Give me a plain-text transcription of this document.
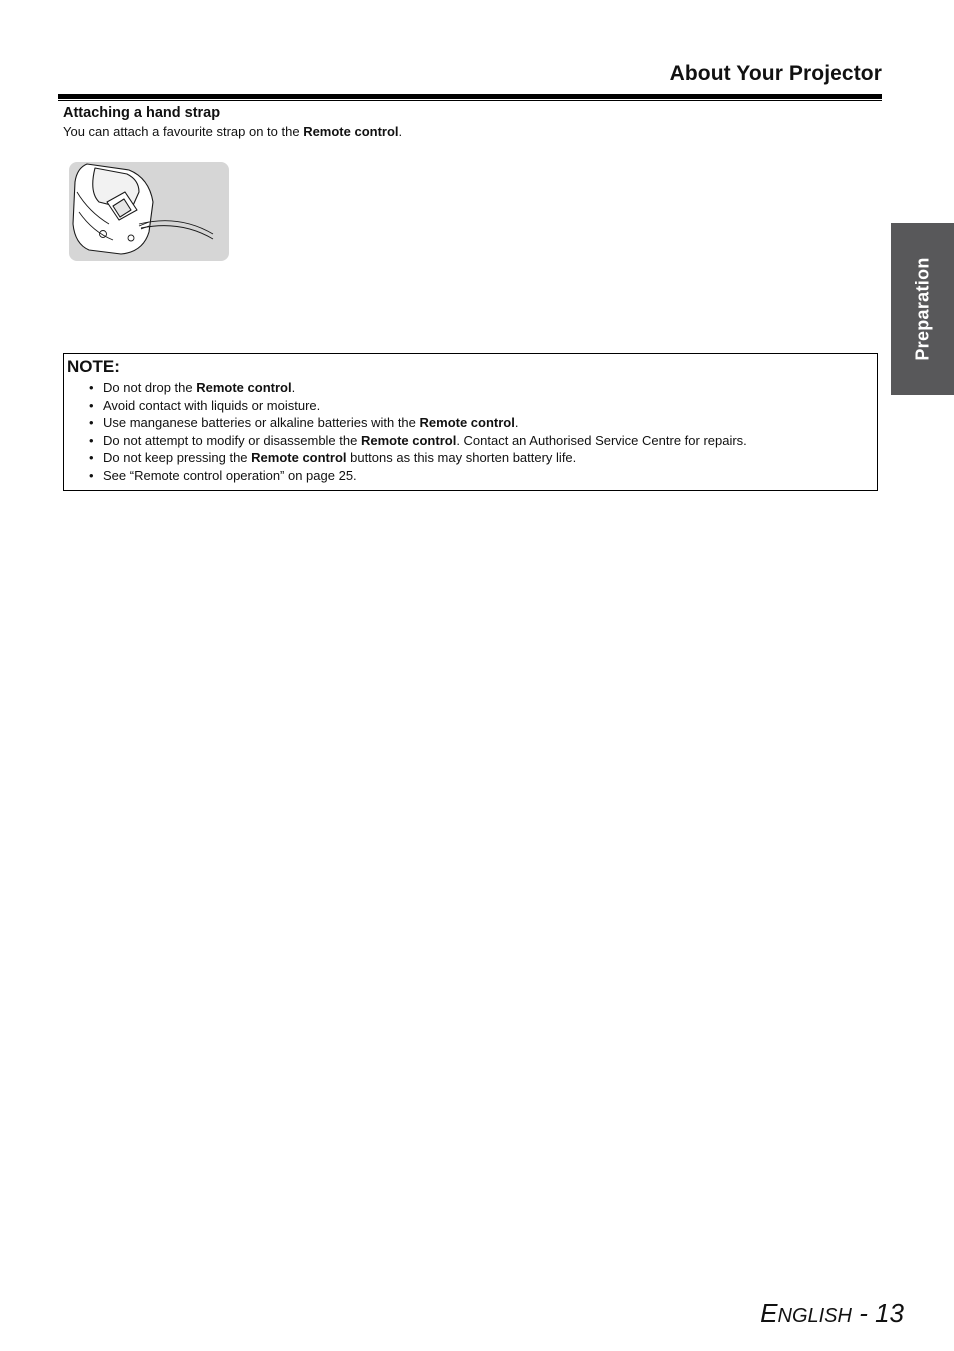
About Your Projector
Attaching a hand strap
You can attach a favourite strap on to the Remote control.
Preparation
NOTE:
• Do not drop the Remote control.
• Avoid contact with liquids or moisture.
• Use manganese batteries or alkaline batteries with the Remote control.
• Do not attempt to modify or disassemble the Remote control. Contact an Authorised Service Centre for repairs.
• Do not keep pressing the Remote control buttons as this may shorten battery life.
• See “Remote control operation” on page 25.
ENGLISH - 13
